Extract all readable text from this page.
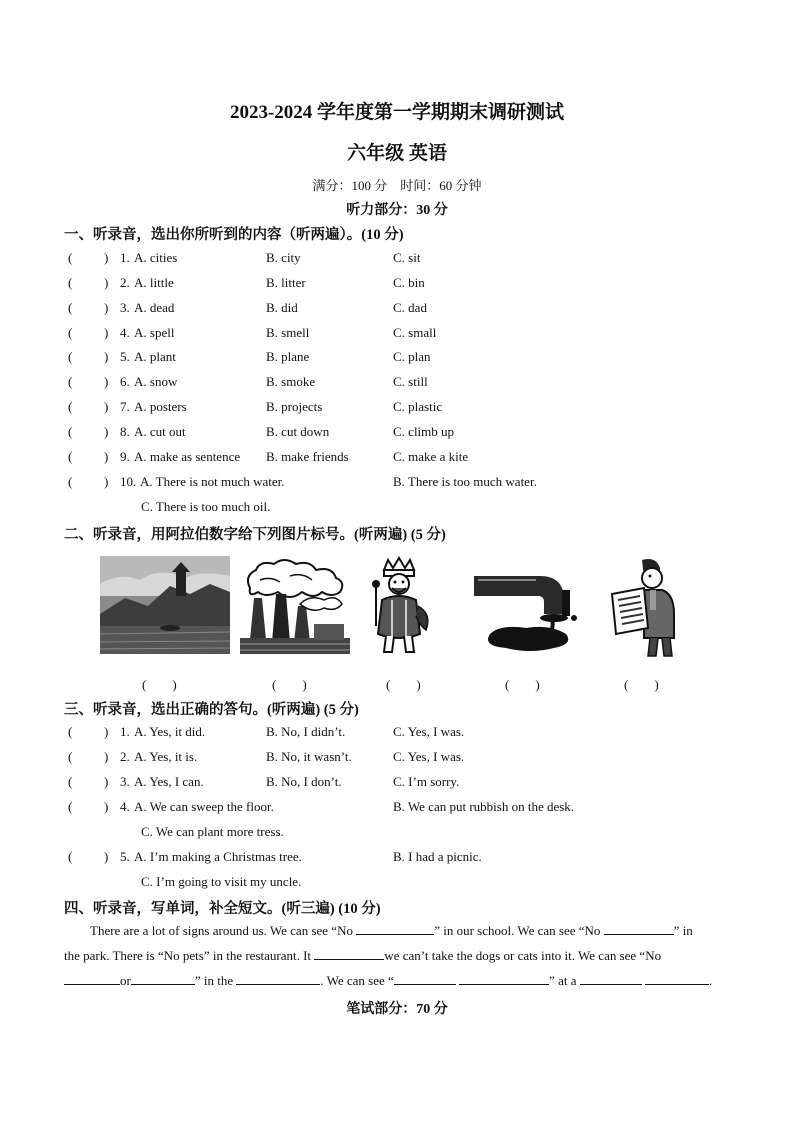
2023-2024 学年度第一学期期末调研测试
六年级 英语
满分：100 分　时间：60 分钟
听力部分：30 分
一、听录音，选出你所听到的内容（听两遍）。(10 分)
( ) 1. A. cities	B. city	C. sit
( ) 2. A. little	B. litter	C. bin
( ) 3. A. dead	B. did	C. dad
( ) 4. A. spell	B. smell	C. small
( ) 5. A. plant	B. plane	C. plan
( ) 6. A. snow	B. smoke	C. still
( ) 7. A. posters	B. projects	C. plastic
( ) 8. A. cut out	B. cut down	C. climb up
( ) 9. A. make as sentence B. make friends	C. make a kite
( ) 10. A. There is not much water.	B. There is too much water.
C. There is too much oil.
二、听录音，用阿拉伯数字给下列图片标号。(听两遍) (5 分)
(　　)	(　　)	(　　)	(　　)	(　　)
三、听录音，选出正确的答句。(听两遍) (5 分)
( ) 1. A. Yes, it did.	B. No, I didn’t.	C. Yes, I was.
( ) 2. A. Yes, it is.	B. No, it wasn’t.	C. Yes, I was.
( ) 3. A. Yes, I can.	B. No, I don’t.	C. I’m sorry.
( ) 4. A. We can sweep the floor.	B. We can put rubbish on the desk.
C. We can plant more tress.
( ) 5. A. I’m making a Christmas tree.	B. I had a picnic.
C. I’m going to visit my uncle.
四、听录音，写单词，补全短文。(听三遍) (10 分)
There are a lot of signs around us. We can see “No	” in our school. We can see “No	” in
the park. There is “No pets” in the restaurant. It	we can’t take the dogs or cats into it. We can see “No
or	” in the	. We can see “	” at a	.
笔试部分：70 分
